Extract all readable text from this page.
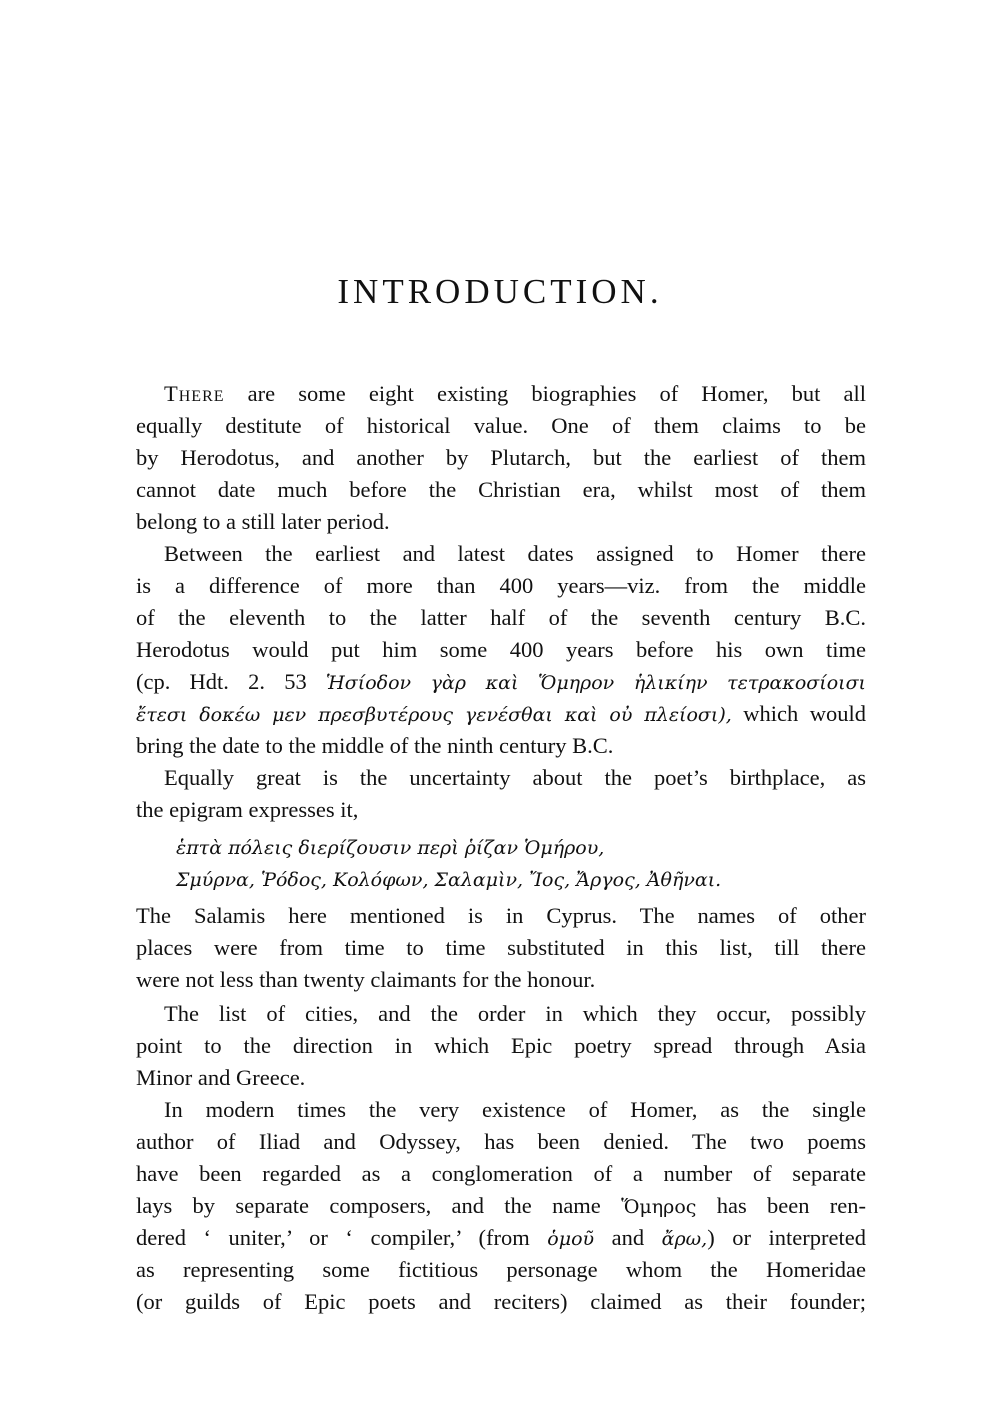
INTRODUCTION.
There are some eight existing biographies of Homer, but all
equally destitute of historical value. One of them claims to be
by Herodotus, and another by Plutarch, but the earliest of them
cannot date much before the Christian era, whilst most of them
belong to a still later period.
Between the earliest and latest dates assigned to Homer there
is a difference of more than 400 years—viz. from the middle
of the eleventh to the latter half of the seventh century B.C.
Herodotus would put him some 400 years before his own time
(cp. Hdt. 2. 53 Ἡσίοδον γὰρ καὶ Ὅμηρον ἡλικίην τετρακοσίοισι
ἔτεσι δοκέω μεν πρεσβυτέρους γενέσθαι καὶ οὐ πλείοσι), which would
bring the date to the middle of the ninth century B.C.
Equally great is the uncertainty about the poet’s birthplace, as
the epigram expresses it,
ἑπτὰ πόλεις διερίζουσιν περὶ ῥίζαν Ὁμήρου,
Σμύρνα, Ῥόδος, Κολόφων, Σαλαμὶν, Ἴος, Ἄργος, Ἀθῆναι.
The Salamis here mentioned is in Cyprus. The names of other
places were from time to time substituted in this list, till there
were not less than twenty claimants for the honour.
The list of cities, and the order in which they occur, possibly
point to the direction in which Epic poetry spread through Asia
Minor and Greece.
In modern times the very existence of Homer, as the single
author of Iliad and Odyssey, has been denied. The two poems
have been regarded as a conglomeration of a number of separate
lays by separate composers, and the name Ὅμηρος has been ren-
dered ‘ uniter,’ or ‘ compiler,’ (from ὁμοῦ and ἄρω,) or interpreted
as representing some fictitious personage whom the Homeridae
(or guilds of Epic poets and reciters) claimed as their founder;
